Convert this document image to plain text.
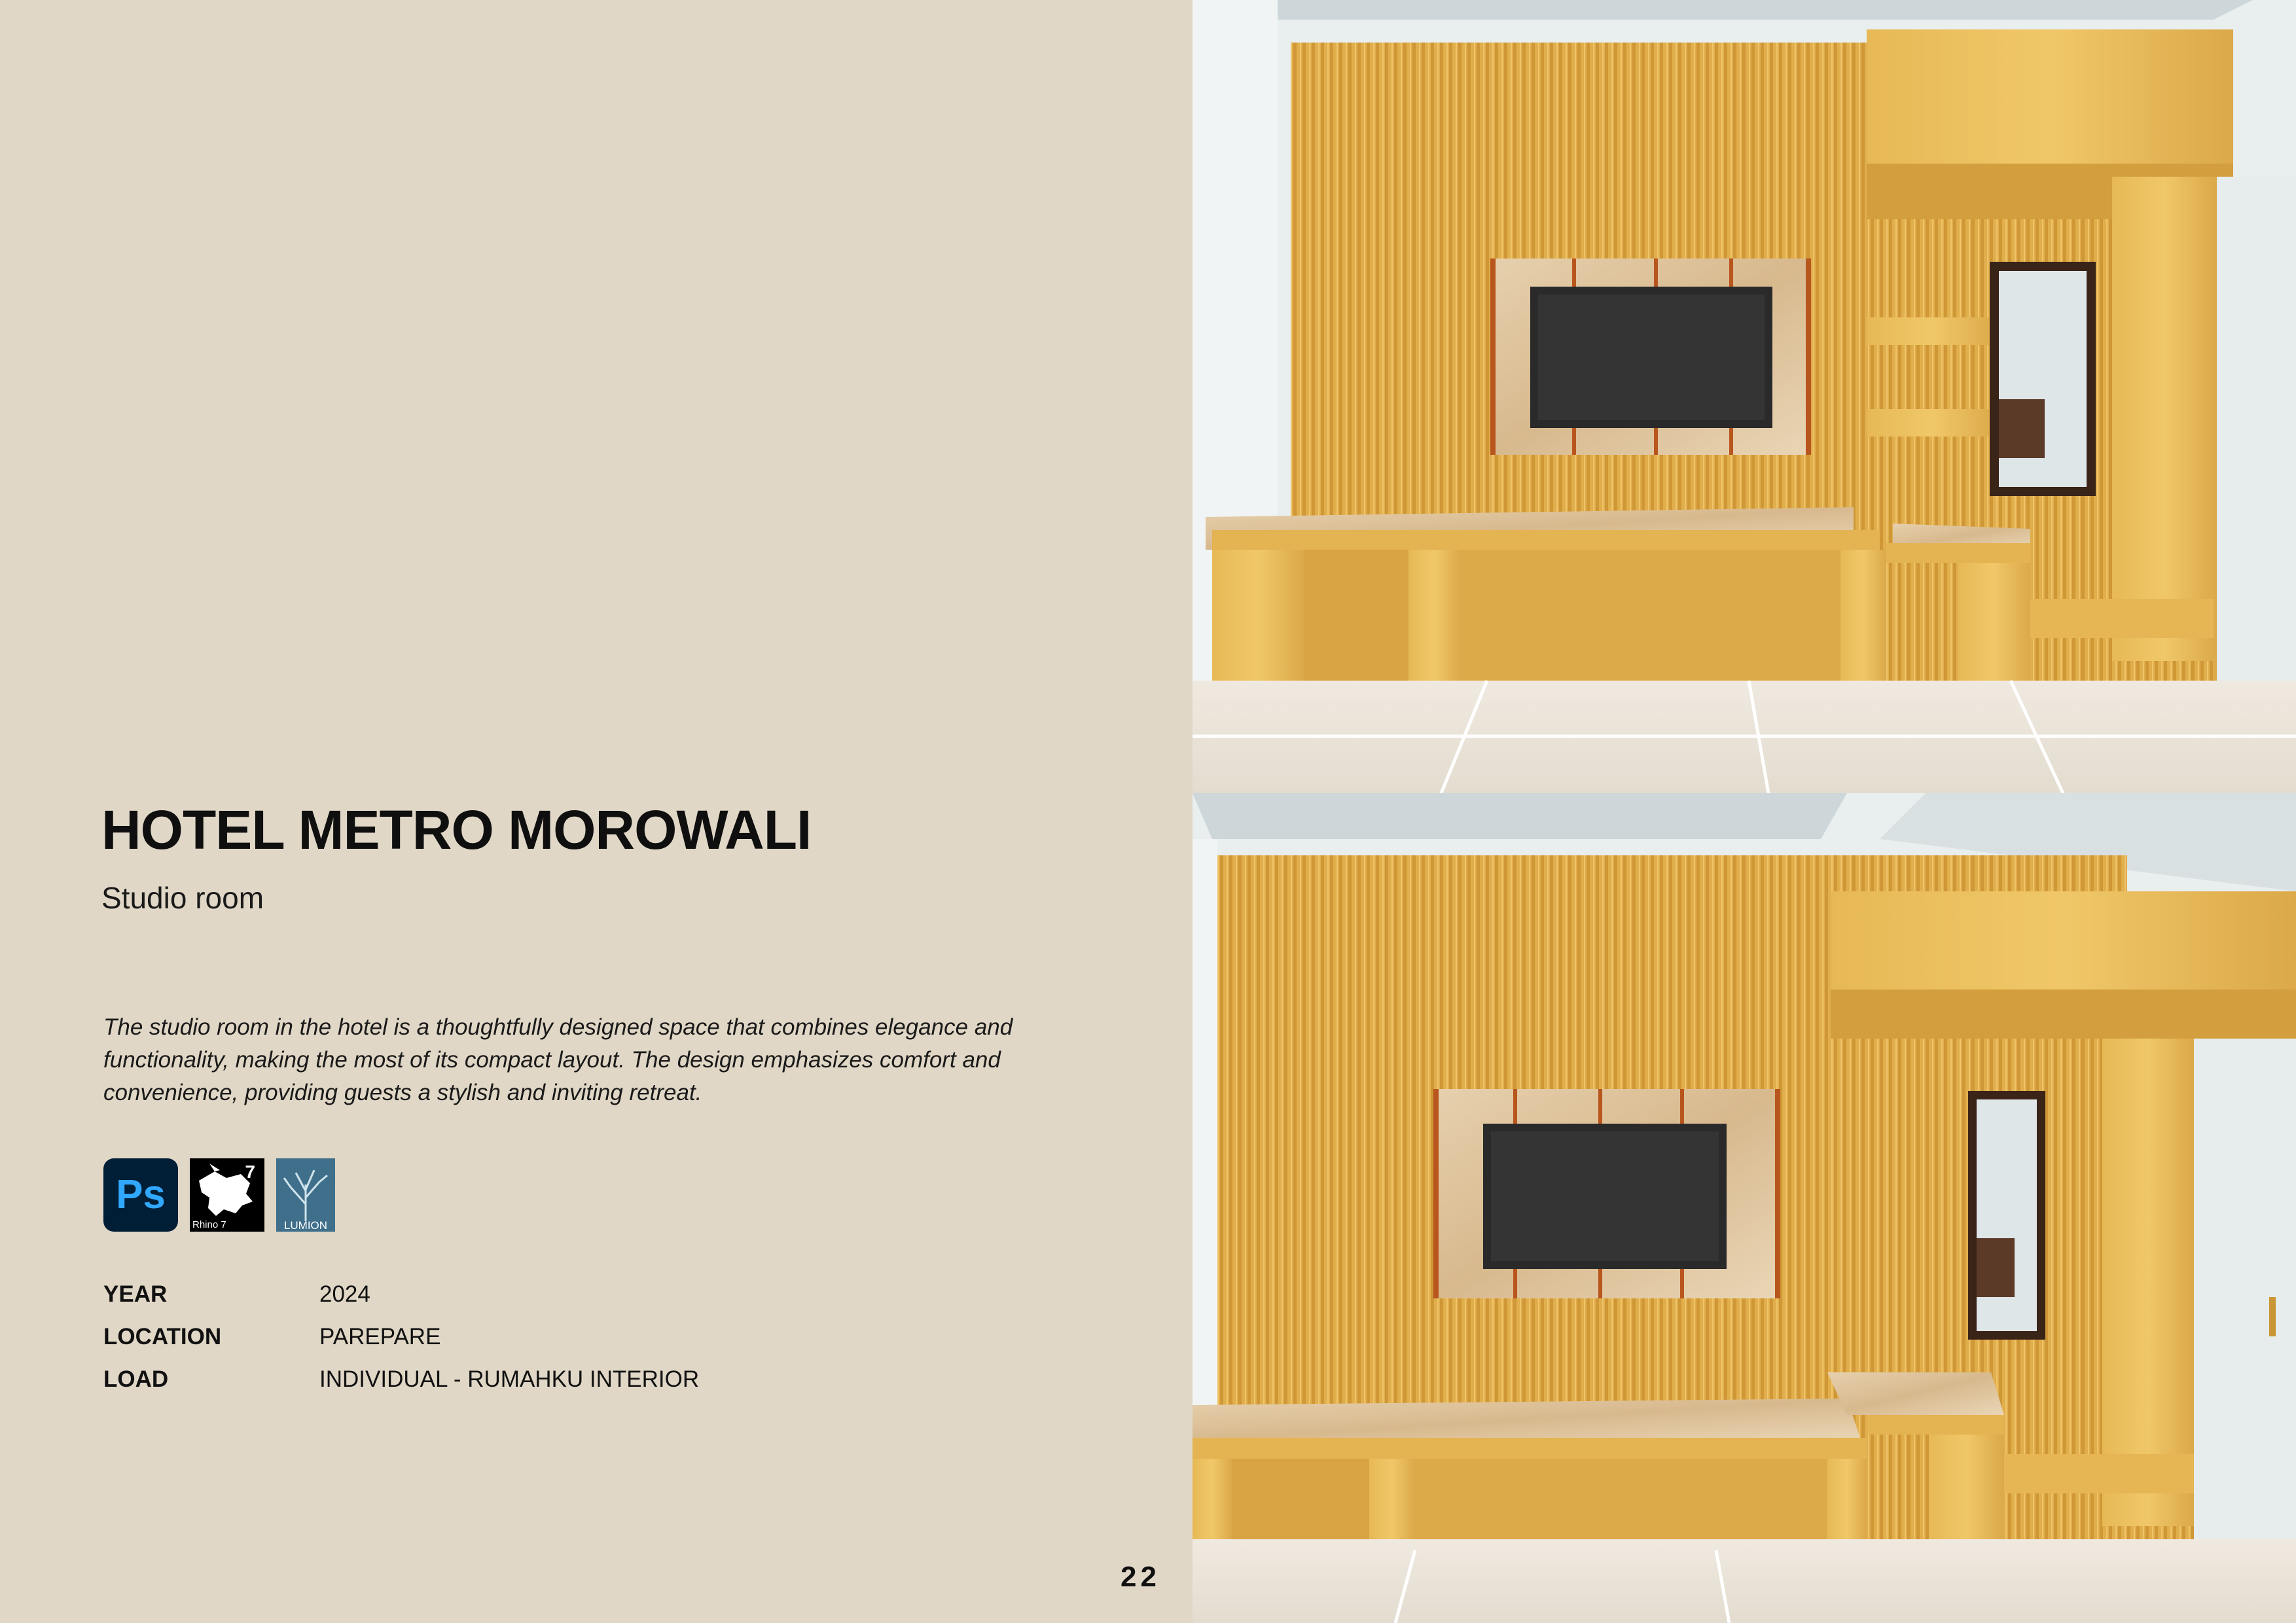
HOTEL METRO MOROWALI
Studio room
The studio room in the hotel is a thoughtfully designed space that combines elegance and functionality, making the most of its compact layout. The design emphasizes comfort and convenience, providing guests a stylish and inviting retreat.
Ps
7
Rhino 7	LUMION
YEAR	2024
LOCATION	PAREPARE
LOAD	INDIVIDUAL - RUMAHKU INTERIOR
22
